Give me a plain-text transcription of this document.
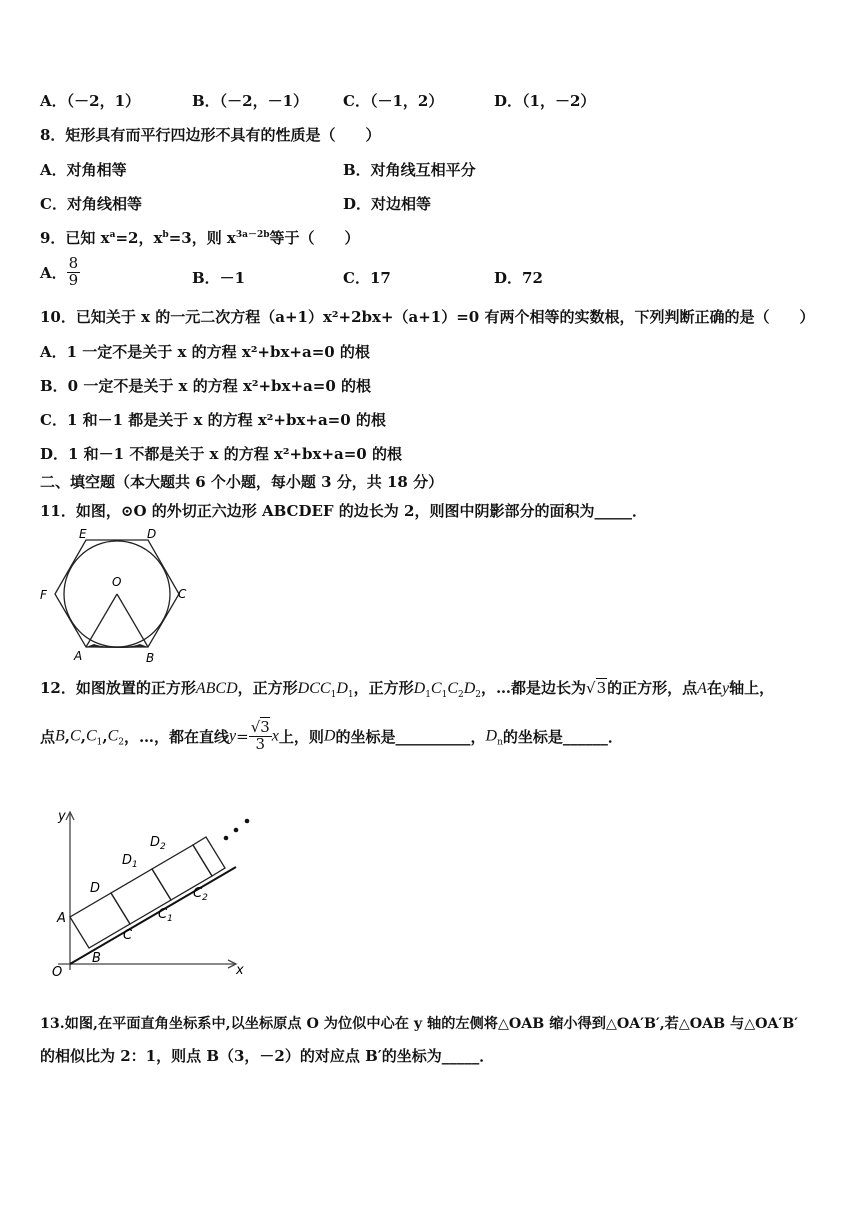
A．（－2，1）	B．（－2，－1） C．（－1，2）	D．（1，－2）
8．矩形具有而平行四边形不具有的性质是（　　）
A．对角相等	B．对角线互相平分
C．对角线相等	D．对边相等
9．已知 $x^a=2$，$x^b=3$，则 $x^{3a-2b}$等于（　　）
A． $\frac{8}{9}$	B．－1	C．17	D．72
10．已知关于 x 的一元二次方程（a+1）x²+2bx+（a+1）=0 有两个相等的实数根，下列判断正确的是（　　）
A．1 一定不是关于 x 的方程 x²+bx+a=0 的根
B．0 一定不是关于 x 的方程 x²+bx+a=0 的根
C．1 和－1 都是关于 x 的方程 x²+bx+a=0 的根
D．1 和－1 不都是关于 x 的方程 x²+bx+a=0 的根
二、填空题（本大题共 6 个小题，每小题 3 分，共 18 分）
11．如图，⊙O 的外切正六边形 ABCDEF 的边长为 2，则图中阴影部分的面积为_____．
E	D
O
F	C
A	B
12．如图放置的正方形ABCD，正方形$DCC_1D_1$，正方形$D_1C_1C_2D_2$，…都是边长为√3的正方形，点A在y轴上，
点$B,C,C_1,C_2$，…，都在直线$y= \frac{√3}{3}$ x上，则D的坐标是__________，$D_n$的坐标是______．
y
x
O
A
B
C
D
$C_1$
$D_1$
$D_2$
$C_2$
13.如图,在平面直角坐标系中,以坐标原点 O 为位似中心在 y 轴的左侧将△OAB 缩小得到△OA′B′,若△OAB 与△OA′B′
的相似比为 2：1，则点 B（3，－2）的对应点 B′的坐标为_____．
